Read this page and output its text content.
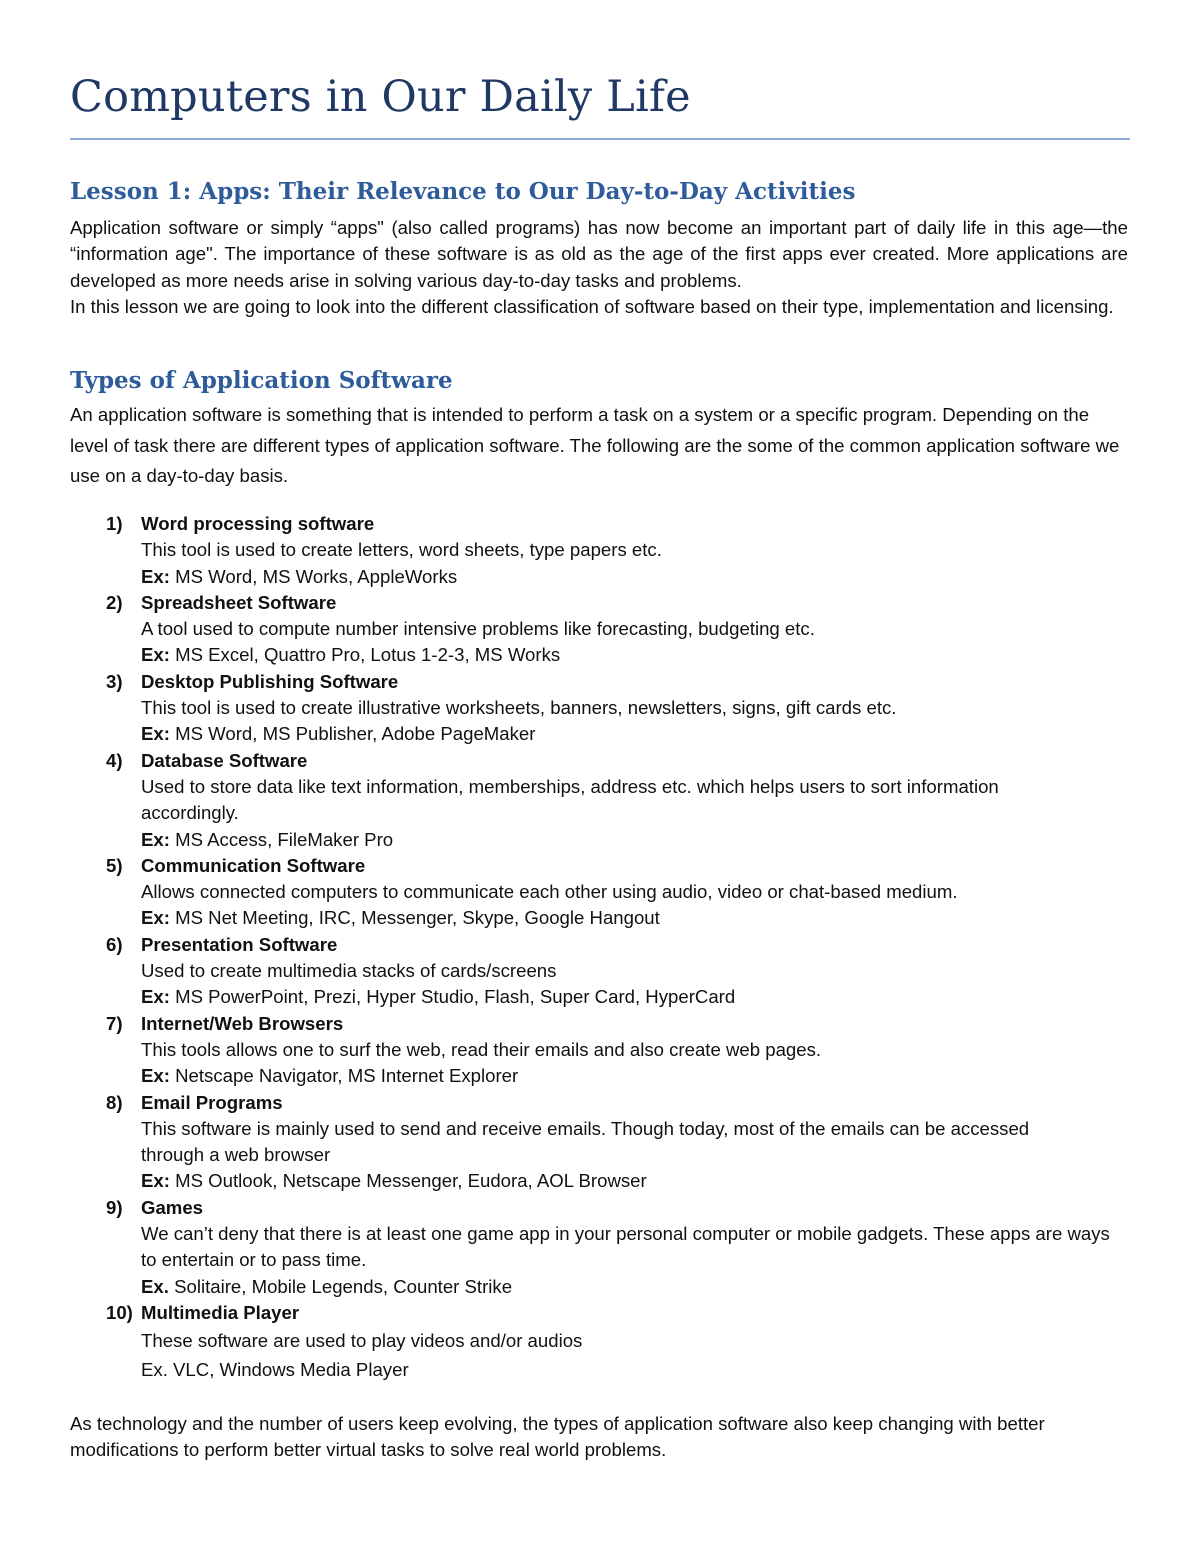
Computers in Our Daily Life
Lesson 1: Apps: Their Relevance to Our Day-to-Day Activities

Application software or simply “apps" (also called programs) has now become an important part of daily life in this age—the “information age". The importance of these software is as old as the age of the first apps ever created. More applications are developed as more needs arise in solving various day-to-day tasks and problems.

In this lesson we are going to look into the different classification of software based on their type, implementation and licensing.

Types of Application Software

An application software is something that is intended to perform a task on a system or a specific program. Depending on the level of task there are different types of application software. The following are the some of the common application software we use on a day-to-day basis.

1) Word processing software
This tool is used to create letters, word sheets, type papers etc.
Ex: MS Word, MS Works, AppleWorks
2) Spreadsheet Software
A tool used to compute number intensive problems like forecasting, budgeting etc.
Ex: MS Excel, Quattro Pro, Lotus 1-2-3, MS Works
3) Desktop Publishing Software
This tool is used to create illustrative worksheets, banners, newsletters, signs, gift cards etc.
Ex: MS Word, MS Publisher, Adobe PageMaker
4) Database Software
Used to store data like text information, memberships, address etc. which helps users to sort information accordingly.
Ex: MS Access, FileMaker Pro
5) Communication Software
Allows connected computers to communicate each other using audio, video or chat-based medium.
Ex: MS Net Meeting, IRC, Messenger, Skype, Google Hangout
6) Presentation Software
Used to create multimedia stacks of cards/screens
Ex: MS PowerPoint, Prezi, Hyper Studio, Flash, Super Card, HyperCard
7) Internet/Web Browsers
This tools allows one to surf the web, read their emails and also create web pages.
Ex: Netscape Navigator, MS Internet Explorer
8) Email Programs
This software is mainly used to send and receive emails. Though today, most of the emails can be accessed through a web browser
Ex: MS Outlook, Netscape Messenger, Eudora, AOL Browser
9) Games
We can’t deny that there is at least one game app in your personal computer or mobile gadgets. These apps are ways to entertain or to pass time.
Ex. Solitaire, Mobile Legends, Counter Strike
10) Multimedia Player
These software are used to play videos and/or audios
Ex. VLC, Windows Media Player

As technology and the number of users keep evolving, the types of application software also keep changing with better modifications to perform better virtual tasks to solve real world problems.
